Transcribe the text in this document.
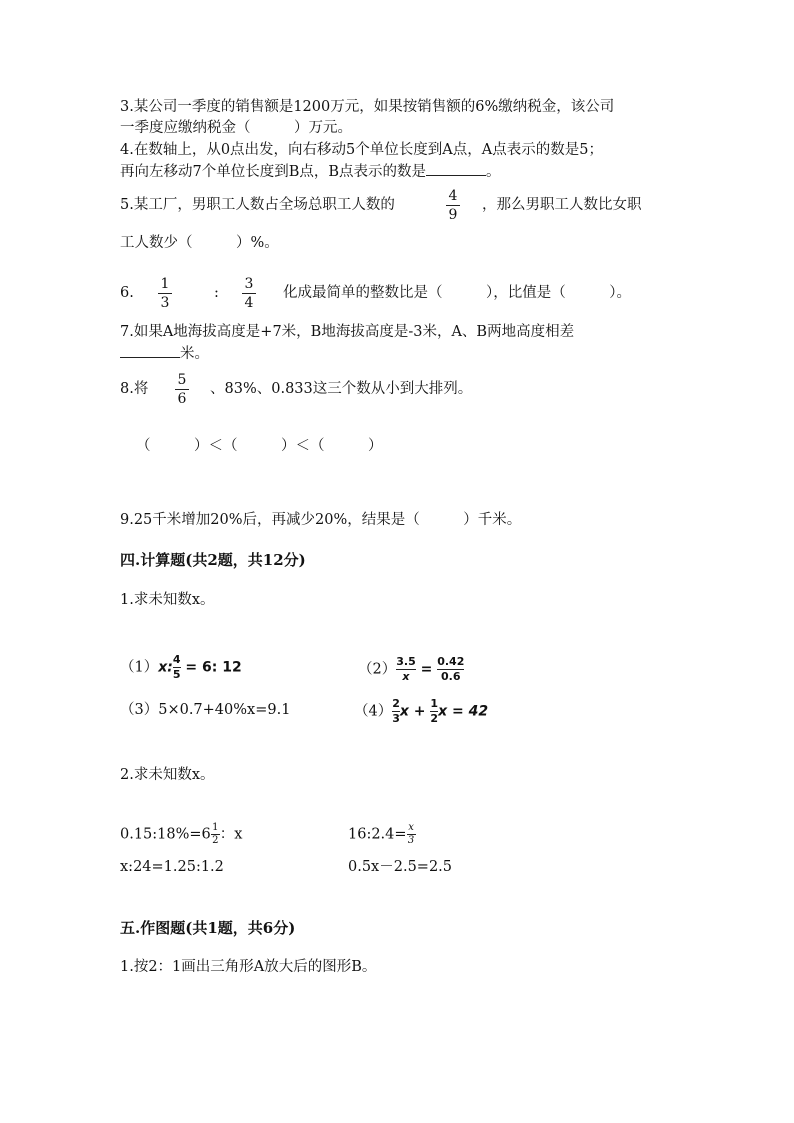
3.某公司一季度的销售额是1200万元，如果按销售额的6%缴纳税金，该公司
一季度应缴纳税金（　　　）万元。
4.在数轴上，从0点出发，向右移动5个单位长度到A点，A点表示的数是5；
再向左移动7个单位长度到B点，B点表示的数是	。
5.某工厂，男职工人数占全场总职工人数的
4
9
，那么男职工人数比女职
工人数少（　　　）%。
6.
1
3
:
3
4
化成最简单的整数比是（　　　），比值是（　　　）。
7.如果A地海拔高度是+7米，B地海拔高度是-3米，A、B两地高度相差
米。
8.将
5
6
、83%、0.833这三个数从小到大排列。
（　　　）＜（　　　）＜（　　　）
9.25千米增加20%后，再减少20%，结果是（　　　）千米。
四.计算题(共2题，共12分)
1.求未知数x。
（1）x: $\frac{4}{5} = 6$: 12	$(2) \frac{3.5}{x} = \frac{0.42}{0.6}$
（3）5×0.7+40%x=9.1	$(4) \frac{2}{3}$ $x + \frac{1}{2}$ x = 42
2.求未知数x。
0.15:18%=6 $\frac{1}{2}$ ：x	16:2.4= $\frac{x}{3}$
x:24=1.25:1.2	0.5x－2.5=2.5
五.作图题(共1题，共6分)
1.按2：1画出三角形A放大后的图形B。
